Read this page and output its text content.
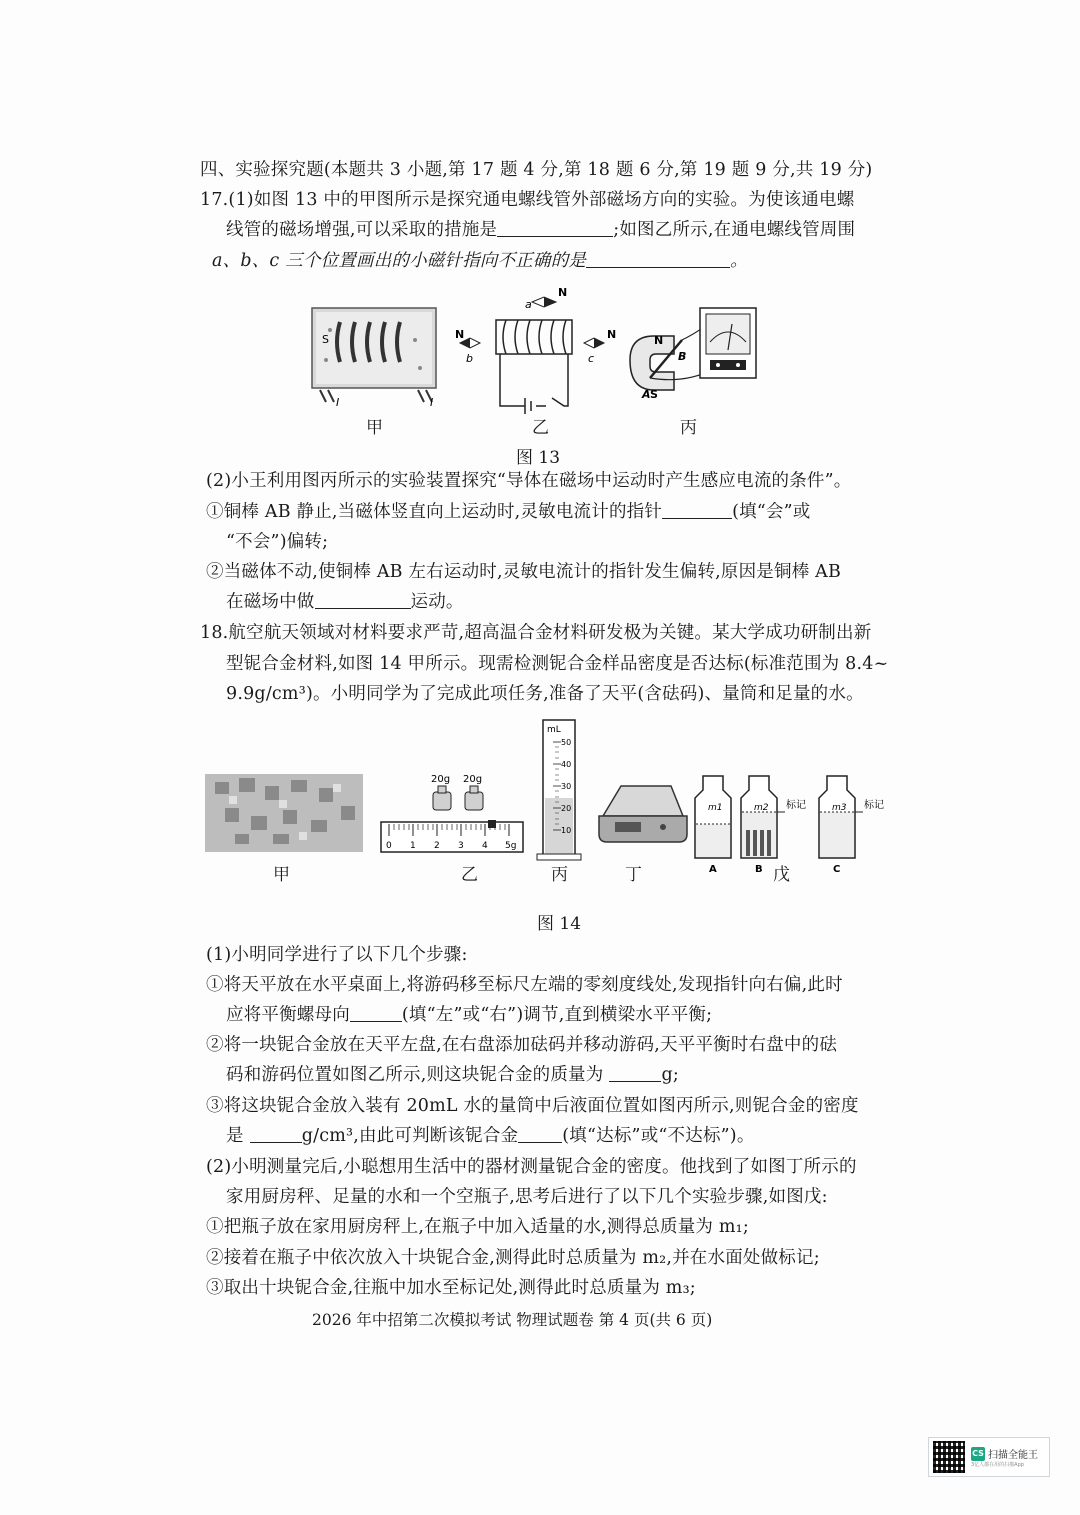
四、实验探究题(本题共 3 小题,第 17 题 4 分,第 18 题 6 分,第 19 题 9 分,共 19 分)
17.(1)如图 13 中的甲图所示是探究通电螺线管外部磁场方向的实验。为使该通电螺
线管的磁场增强,可以采取的措施是	;如图乙所示,在通电螺线管周围
a、b、c 三个位置画出的小磁针指向不正确的是	。
S
I	I
N
a
N
b
N
c
N
B
A S
甲	乙	丙
图 13
(2)小王利用图丙所示的实验装置探究“导体在磁场中运动时产生感应电流的条件”。
①铜棒 AB 静止,当磁体竖直向上运动时,灵敏电流计的指针	(填“会”或
“不会”)偏转;
②当磁体不动,使铜棒 AB 左右运动时,灵敏电流计的指针发生偏转,原因是铜棒 AB
在磁场中做	运动。
18.航空航天领域对材料要求严苛,超高温合金材料研发极为关键。某大学成功研制出新
型铌合金材料,如图 14 甲所示。现需检测铌合金样品密度是否达标(标准范围为 8.4~
9.9g/cm³)。小明同学为了完成此项任务,准备了天平(含砝码)、量筒和足量的水。
20g 20g
0 1 2 3 4 5g
mL
50
40
30
20
10
m1	m2	m3
标记	标记
A	B	C
甲	乙	丙	丁	戊
图 14
(1)小明同学进行了以下几个步骤:
①将天平放在水平桌面上,将游码移至标尺左端的零刻度线处,发现指针向右偏,此时
应将平衡螺母向	(填“左”或“右”)调节,直到横梁水平平衡;
②将一块铌合金放在天平左盘,在右盘添加砝码并移动游码,天平平衡时右盘中的砝
码和游码位置如图乙所示,则这块铌合金的质量为	g;
③将这块铌合金放入装有 20mL 水的量筒中后液面位置如图丙所示,则铌合金的密度
是	g/cm³,由此可判断该铌合金	(填“达标”或“不达标”)。
(2)小明测量完后,小聪想用生活中的器材测量铌合金的密度。他找到了如图丁所示的
家用厨房秤、足量的水和一个空瓶子,思考后进行了以下几个实验步骤,如图戊:
①把瓶子放在家用厨房秤上,在瓶子中加入适量的水,测得总质量为 m₁;
②接着在瓶子中依次放入十块铌合金,测得此时总质量为 m₂,并在水面处做标记;
③取出十块铌合金,往瓶中加水至标记处,测得此时总质量为 m₃;
2026 年中招第二次模拟考试 物理试题卷 第 4 页(共 6 页)
CS 扫描全能王
3亿人都在用的扫描App
